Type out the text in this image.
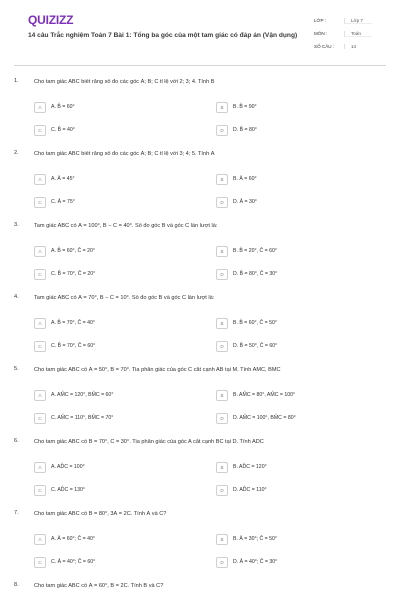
QUIZIZZ
14 câu Trắc nghiệm Toán 7 Bài 1: Tổng ba góc của một tam giác có đáp án (Vận dụng)
LỚP :	Lớp 7
MÔN :	Toán
SỐ CÂU :	14
1.	Cho tam giác ABC biết rằng số đo các góc Â; B̂; Ĉ tỉ lệ với 2; 3; 4. Tính B̂
A	A. B̂ = 60°	B	B. B̂ = 90°
C	C. B̂ = 40°	D	D. B̂ = 80°
2.	Cho tam giác ABC biết rằng số đo các góc Â; B̂; Ĉ tỉ lệ với 3; 4; 5. Tính Â
A	A. Â = 45°	B	B. Â = 60°
C	C. Â = 75°	D	D. Â = 30°
3.	Tam giác ABC có Â = 100°, B̂ − Ĉ = 40°. Số đo góc B và góc C lần lượt là:
A	A. B̂ = 60°, Ĉ = 20°	B	B. B̂ = 20°, Ĉ = 60°
C	C. B̂ = 70°, Ĉ = 20°	D	D. B̂ = 80°, Ĉ = 30°
4.	Tam giác ABC có Â = 70°, B̂ − Ĉ = 10°. Số đo góc B và góc C lần lượt là:
A	A. B̂ = 70°, Ĉ = 40°	B	B. B̂ = 60°, Ĉ = 50°
C	C. B̂ = 70°, Ĉ = 60°	D	D. B̂ = 50°, Ĉ = 60°
5.	Cho tam giác ABC có Â = 50°, B̂ = 70°. Tia phân giác của góc C cắt cạnh AB tại M. Tính AM̂C, BM̂C
A	A. AM̂C = 120°, BM̂C = 60°	B	B. AM̂C = 80°, AM̂C = 100°
C	C. AM̂C = 110°, BM̂C = 70°	D	D. AM̂C = 100°, BM̂C = 80°
6.	Cho tam giác ABC có B̂ = 70°, Ĉ = 30°. Tia phân giác của góc A cắt cạnh BC tại D. Tính AD̂C
A	A. AD̂C = 100°	B	B. AD̂C = 120°
C	C. AD̂C = 130°	D	D. AD̂C = 110°
7.	Cho tam giác ABC có B̂ = 80°, 3Â = 2Ĉ. Tính Â và Ĉ?
A	A. Â = 60°; Ĉ = 40°	B	B. Â = 30°; Ĉ = 50°
C	C. Â = 40°; Ĉ = 60°	D	D. Â = 40°; Ĉ = 30°
8.	Cho tam giác ABC có Â = 60°, B̂ = 2Ĉ. Tính B̂ và Ĉ?
